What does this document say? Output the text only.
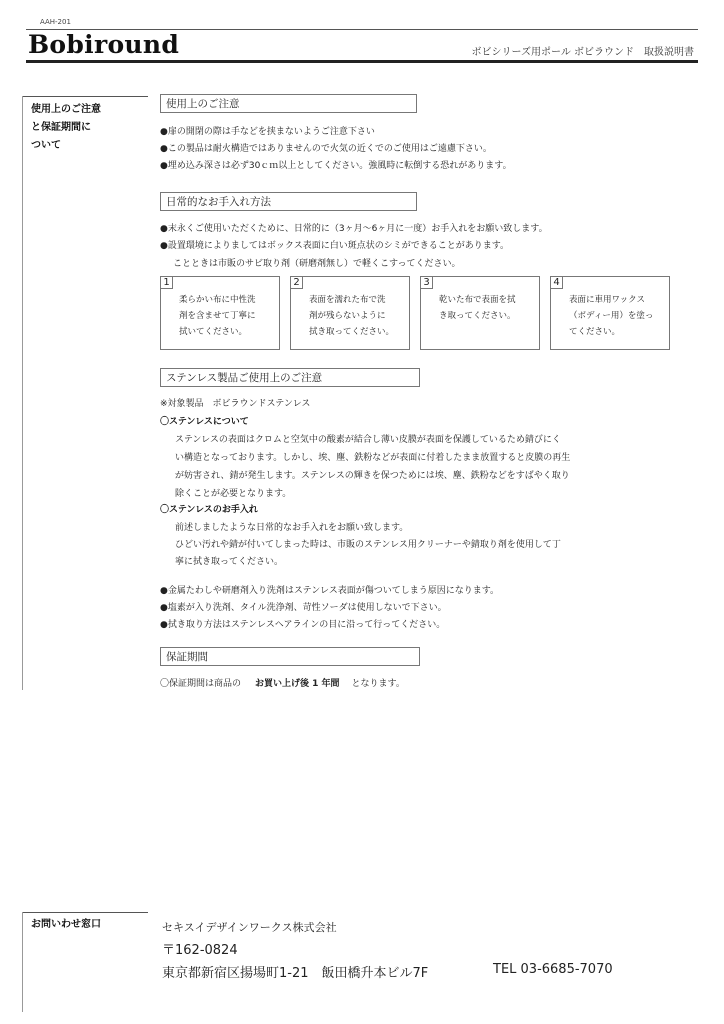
AAH-201
Bobiround	ボビシリーズ用ポール ボビラウンド　取扱説明書
使用上のご注意
と保証期間に
ついて
使用上のご注意
●扉の開閉の際は手などを挟まないようご注意下さい
●この製品は耐火構造ではありませんので火気の近くでのご使用はご遠慮下さい。
●埋め込み深さは必ず30ｃｍ以上としてください。強風時に転倒する恐れがあります。
日常的なお手入れ方法
●末永くご使用いただくために、日常的に（3ヶ月～6ヶ月に一度）お手入れをお願い致します。
●設置環境によりましてはボックス表面に白い斑点状のシミができることがあります。
ことときは市販のサビ取り剤（研磨剤無し）で軽くこすってください。
1
柔らかい布に中性洗
剤を含ませて丁寧に
拭いてください。
2
表面を濡れた布で洗
剤が残らないように
拭き取ってください。
3
乾いた布で表面を拭
き取ってください。
4
表面に車用ワックス
（ボディー用）を塗っ
てください。
ステンレス製品ご使用上のご注意
※対象製品　ボビラウンドステンレス
〇ステンレスについて
ステンレスの表面はクロムと空気中の酸素が結合し薄い皮膜が表面を保護しているため錆びにく
い構造となっております。しかし、埃、塵、鉄粉などが表面に付着したまま放置すると皮膜の再生
が妨害され、錆が発生します。ステンレスの輝きを保つためには埃、塵、鉄粉などをすばやく取り
除くことが必要となります。
〇ステンレスのお手入れ
前述しましたような日常的なお手入れをお願い致します。
ひどい汚れや錆が付いてしまった時は、市販のステンレス用クリーナーや錆取り剤を使用して丁
寧に拭き取ってください。
●金属たわしや研磨剤入り洗剤はステンレス表面が傷ついてしまう原因になります。
●塩素が入り洗剤、タイル洗浄剤、苛性ソーダは使用しないで下さい。
●拭き取り方法はステンレスヘアラインの目に沿って行ってください。
保証期間
〇保証期間は商品の お買い上げ後 1 年間 となります。
お問いわせ窓口	セキスイデザインワークス株式会社
〒162-0824
東京都新宿区揚場町1-21　飯田橋升本ビル7F	TEL 03-6685-7070
